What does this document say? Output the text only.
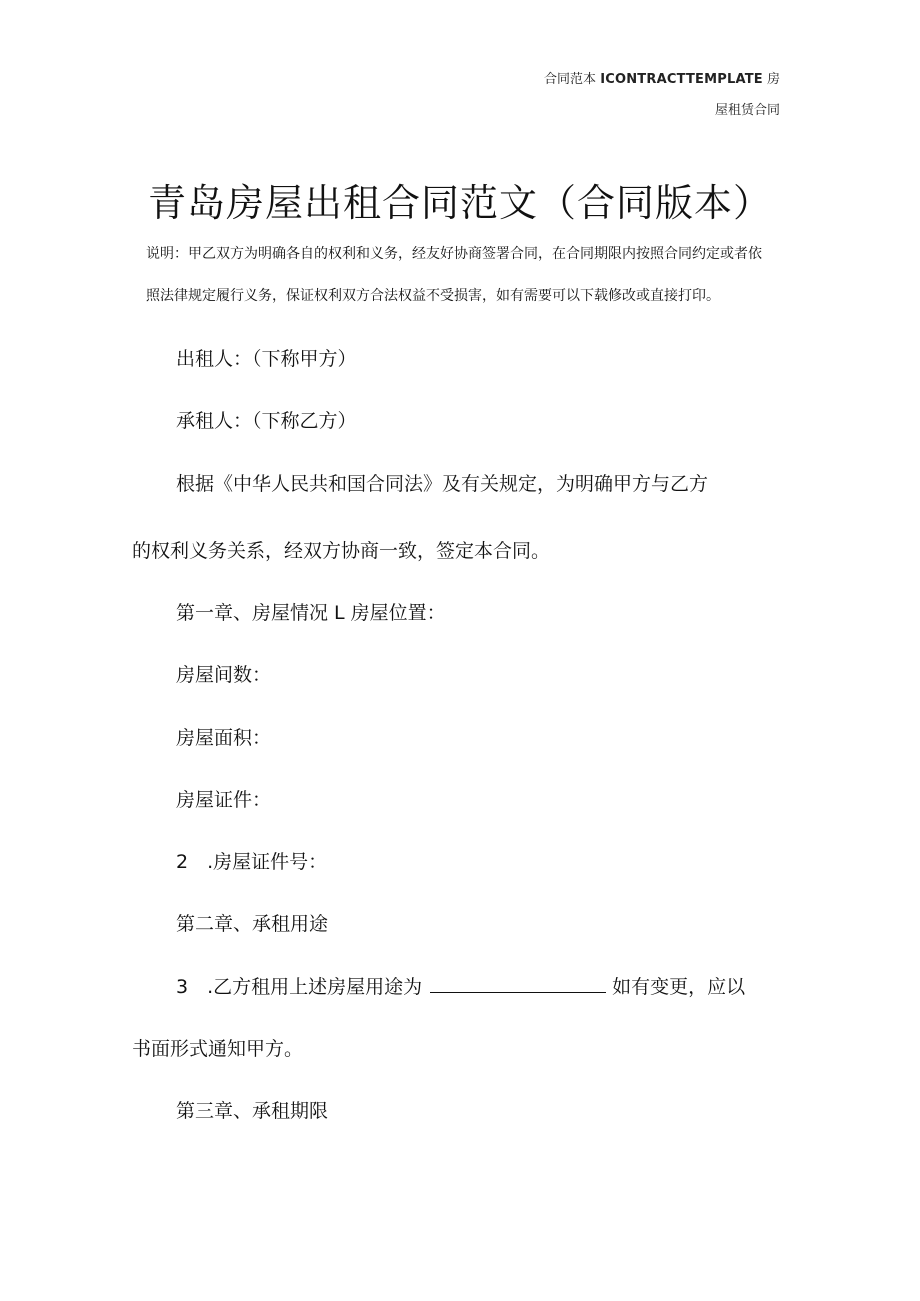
合同范本 ICONTRACTTEMPLATE 房
屋租赁合同
青岛房屋出租合同范文（合同版本）
说明：甲乙双方为明确各自的权利和义务，经友好协商签署合同，在合同期限内按照合同约定或者依
照法律规定履行义务，保证权利双方合法权益不受损害，如有需要可以下载修改或直接打印。
出租人：（下称甲方）
承租人：（下称乙方）
根据《中华人民共和国合同法》及有关规定，为明确甲方与乙方
的权利义务关系，经双方协商一致，签定本合同。
第一章、房屋情况 L 房屋位置：
房屋间数：
房屋面积：
房屋证件：
2　.房屋证件号：
第二章、承租用途
3　.乙方租用上述房屋用途为	如有变更，应以
书面形式通知甲方。
第三章、承租期限
